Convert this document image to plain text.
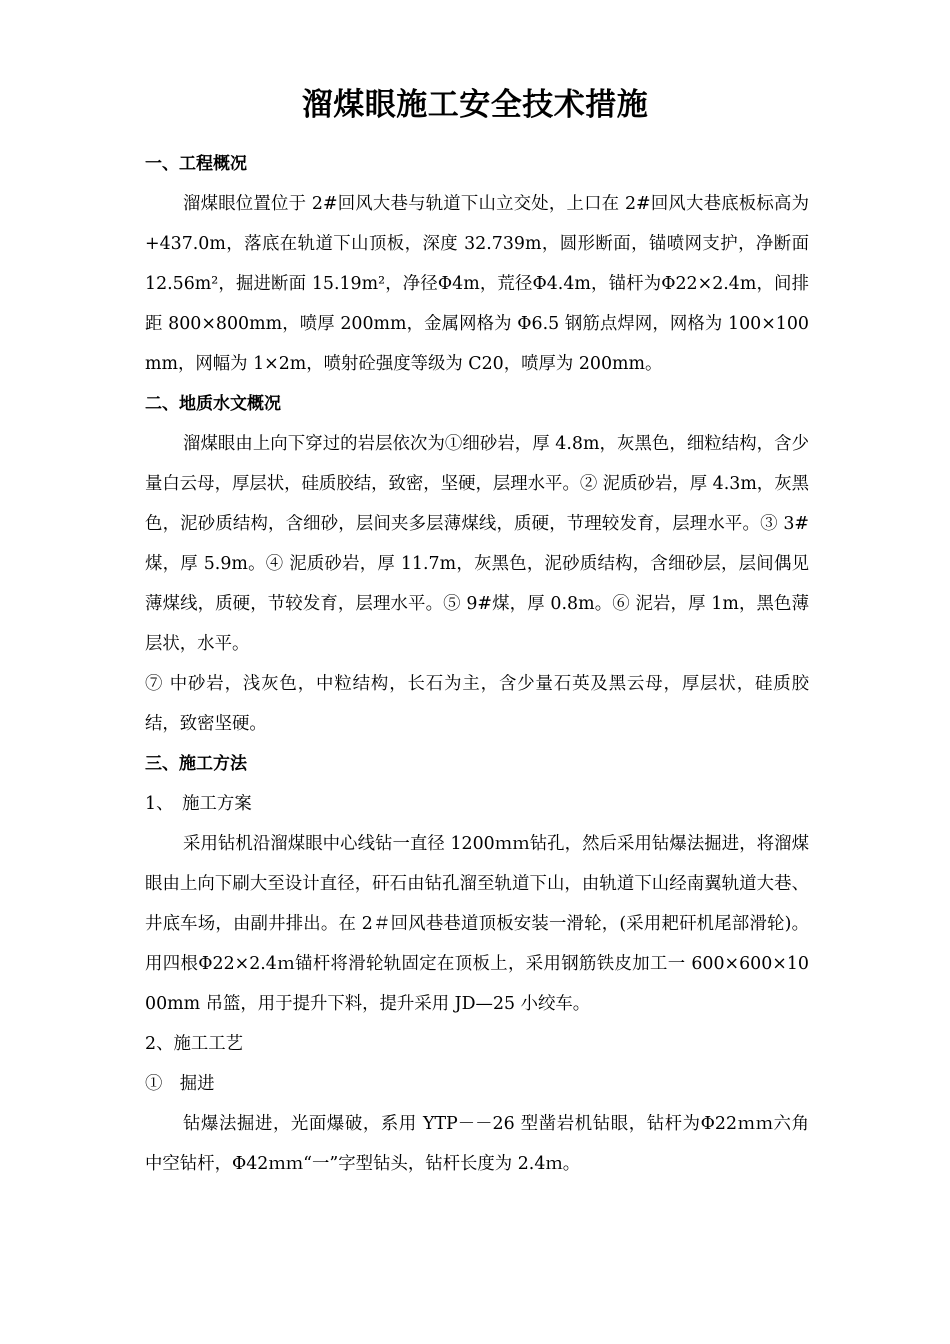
溜煤眼施工安全技术措施
一、工程概况
溜煤眼位置位于 2#回风大巷与轨道下山立交处，上口在 2#回风大巷底板标高为+437.0m，落底在轨道下山顶板，深度 32.739m，圆形断面，锚喷网支护，净断面 12.56m²，掘进断面 15.19m²，净径Φ4m，荒径Φ4.4m，锚杆为Φ22×2.4m，间排距 800×800mm，喷厚 200mm，金属网格为 Φ6.5 钢筋点焊网，网格为 100×100mm，网幅为 1×2m，喷射砼强度等级为 C20，喷厚为 200mm。
二、地质水文概况
溜煤眼由上向下穿过的岩层依次为①细砂岩，厚 4.8m，灰黑色，细粒结构，含少量白云母，厚层状，硅质胶结，致密，坚硬，层理水平。② 泥质砂岩，厚 4.3m，灰黑色，泥砂质结构，含细砂，层间夹多层薄煤线，质硬，节理较发育，层理水平。③ 3#煤，厚 5.9m。④ 泥质砂岩，厚 11.7m，灰黑色，泥砂质结构，含细砂层，层间偶见薄煤线，质硬，节较发育，层理水平。⑤ 9#煤，厚 0.8m。⑥ 泥岩，厚 1m，黑色薄层状，水平。
⑦ 中砂岩，浅灰色，中粒结构，长石为主，含少量石英及黑云母，厚层状，硅质胶结，致密坚硬。
三、施工方法
1、　施工方案
采用钻机沿溜煤眼中心线钻一直径 1200ｍｍ钻孔，然后采用钻爆法掘进，将溜煤眼由上向下刷大至设计直径，矸石由钻孔溜至轨道下山，由轨道下山经南翼轨道大巷、井底车场，由副井排出。在 2＃回风巷巷道顶板安装一滑轮，(采用耙矸机尾部滑轮)。用四根Φ22×2.4ｍ锚杆将滑轮轨固定在顶板上，采用钢筋铁皮加工一 600×600×1000mm 吊篮，用于提升下料，提升采用 JD—25 小绞车。
2、施工工艺
①　掘进
钻爆法掘进，光面爆破，系用 YTP－－26 型凿岩机钻眼，钻杆为Φ22ｍｍ六角中空钻杆，Φ42ｍｍ“一”字型钻头，钻杆长度为 2.4ｍ。
